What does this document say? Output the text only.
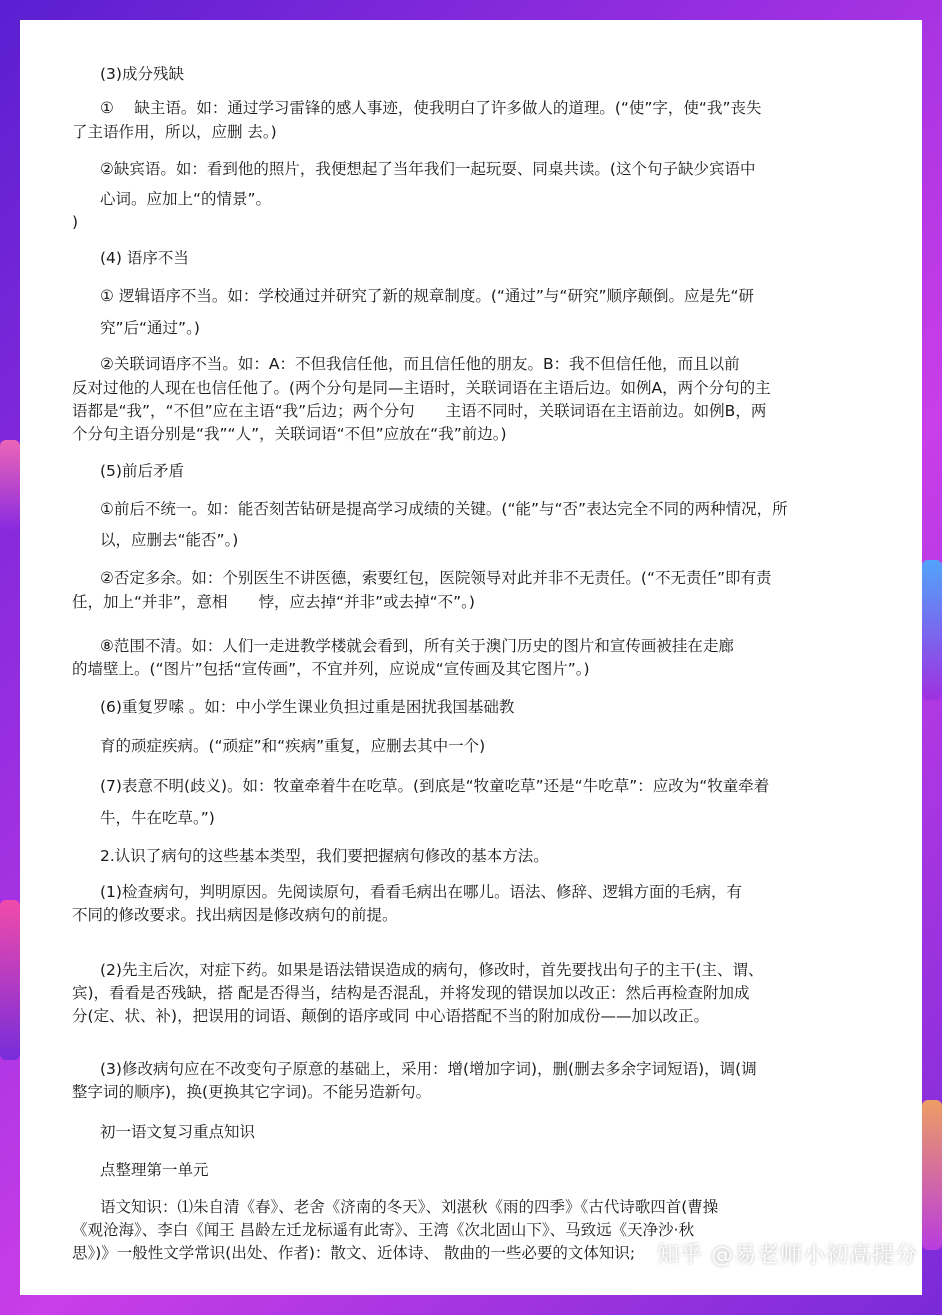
(3)成分残缺

①　 缺主语。如：通过学习雷锋的感人事迹，使我明白了许多做人的道理。(“使”字，使“我”丧失

了主语作用，所以，应删 去。)

②缺宾语。如：看到他的照片，我便想起了当年我们一起玩耍、同桌共读。(这个句子缺少宾语中

心词。应加上“的情景”。

)

(4) 语序不当

① 逻辑语序不当。如：学校通过并研究了新的规章制度。(“通过”与“研究”顺序颠倒。应是先“研

究”后“通过”。)

②关联词语序不当。如：A：不但我信任他，而且信任他的朋友。B：我不但信任他，而且以前

反对过他的人现在也信任他了。(两个分句是同—主语时，关联词语在主语后边。如例A，两个分句的主

语都是“我”，“不但”应在主语“我”后边；两个分句　　主语不同时，关联词语在主语前边。如例B，两

个分句主语分别是“我”“人”，关联词语“不但”应放在“我”前边。)

(5)前后矛盾

①前后不统一。如：能否刻苦钻研是提高学习成绩的关键。(“能”与“否”表达完全不同的两种情况，所

以，应删去“能否”。)

②否定多余。如：个别医生不讲医德，索要红包，医院领导对此并非不无责任。(“不无责任”即有责

任，加上“并非”，意相　　悖，应去掉“并非”或去掉“不”。)

⑧范围不清。如：人们一走进教学楼就会看到，所有关于澳门历史的图片和宣传画被挂在走廊

的墙壁上。(“图片”包括“宣传画”，不宜并列，应说成“宣传画及其它图片”。)

(6)重复罗嗦 。如：中小学生课业负担过重是困扰我国基础教

育的顽症疾病。(“顽症”和“疾病”重复，应删去其中一个)

(7)表意不明(歧义)。如：牧童牵着牛在吃草。(到底是“牧童吃草”还是“牛吃草”：应改为“牧童牵着

牛，牛在吃草。”)

2.认识了病句的这些基本类型，我们要把握病句修改的基本方法。

(1)检查病句，判明原因。先阅读原句，看看毛病出在哪儿。语法、修辞、逻辑方面的毛病，有

不同的修改要求。找出病因是修改病句的前提。

(2)先主后次，对症下药。如果是语法错误造成的病句，修改时，首先要找出句子的主干(主、谓、

宾)，看看是否残缺，搭 配是否得当，结构是否混乱，并将发现的错误加以改正：然后再检查附加成

分(定、状、补)，把误用的词语、颠倒的语序或同 中心语搭配不当的附加成份——加以改正。

(3)修改病句应在不改变句子原意的基础上，采用：增(增加字词)，删(删去多余字词短语)，调(调

整字词的顺序)，换(更换其它字词)。不能另造新句。

初一语文复习重点知识

点整理第一单元

语文知识：⑴朱自清《春》、老舍《济南的冬天》、刘湛秋《雨的四季》《古代诗歌四首(曹操

《观沧海》、李白《闻王 昌龄左迁龙标遥有此寄》、王湾《次北固山下》、马致远《天净沙·秋

思》)》一般性文学常识(出处、作者)：散文、近体诗、 散曲的一些必要的文体知识; 知乎 @易老师小初高提分
